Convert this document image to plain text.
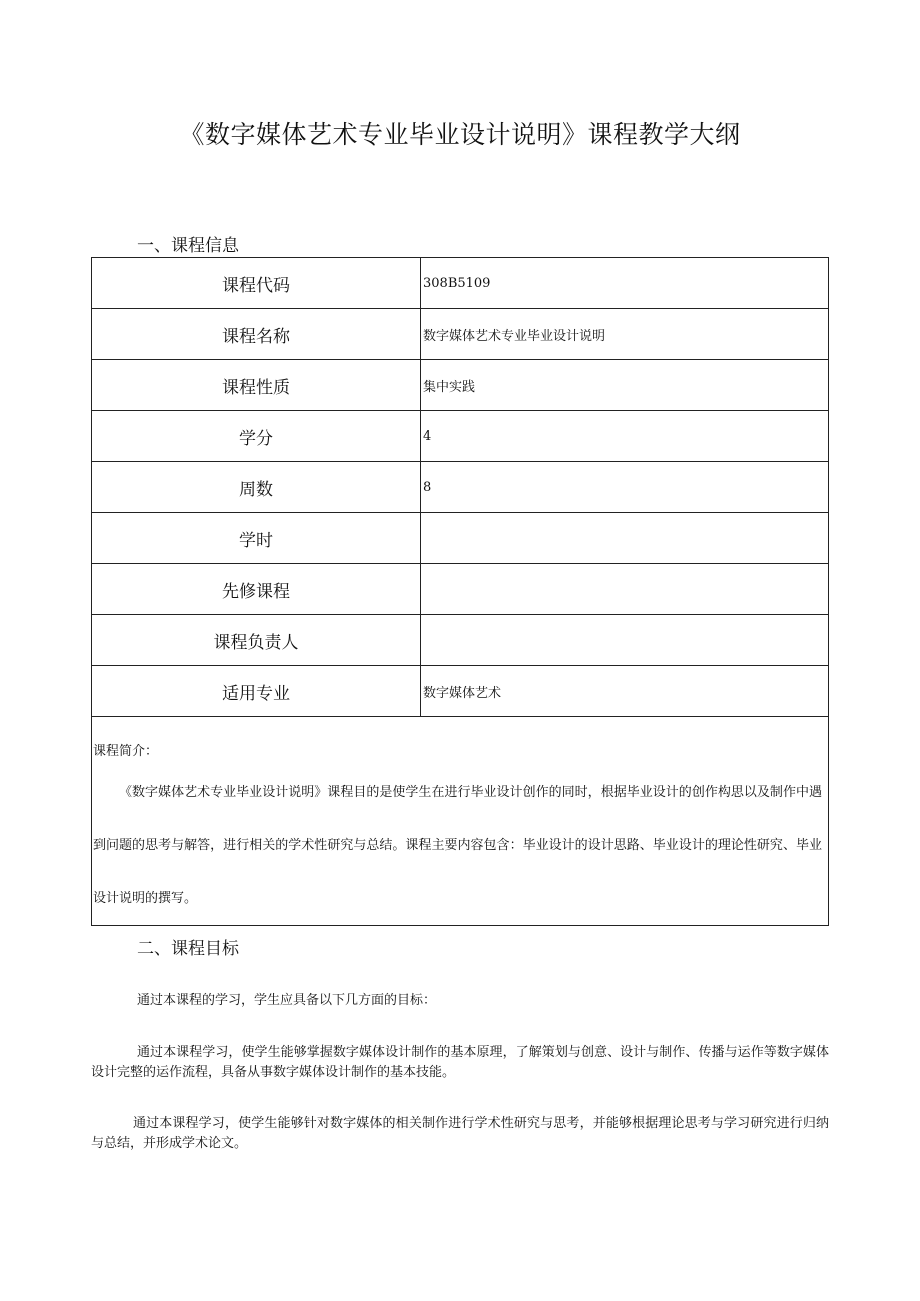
《数字媒体艺术专业毕业设计说明》课程教学大纲
一、课程信息
课程代码	308B5109
课程名称	数字媒体艺术专业毕业设计说明
课程性质	集中实践
学分	4
周数	8
学时	
先修课程	
课程负责人	
适用专业	数字媒体艺术

课程简介：
《数字媒体艺术专业毕业设计说明》课程目的是使学生在进行毕业设计创作的同时，根据毕业设计的创作构思以及制作中遇到问题的思考与解答，进行相关的学术性研究与总结。课程主要内容包含：毕业设计的设计思路、毕业设计的理论性研究、毕业设计说明的撰写。	
二、课程目标

通过本课程的学习，学生应具备以下几方面的目标：

通过本课程学习，使学生能够掌握数字媒体设计制作的基本原理，了解策划与创意、设计与制作、传播与运作等数字媒体设计完整的运作流程，具备从事数字媒体设计制作的基本技能。

通过本课程学习，使学生能够针对数字媒体的相关制作进行学术性研究与思考，并能够根据理论思考与学习研究进行归纳与总结，并形成学术论文。
